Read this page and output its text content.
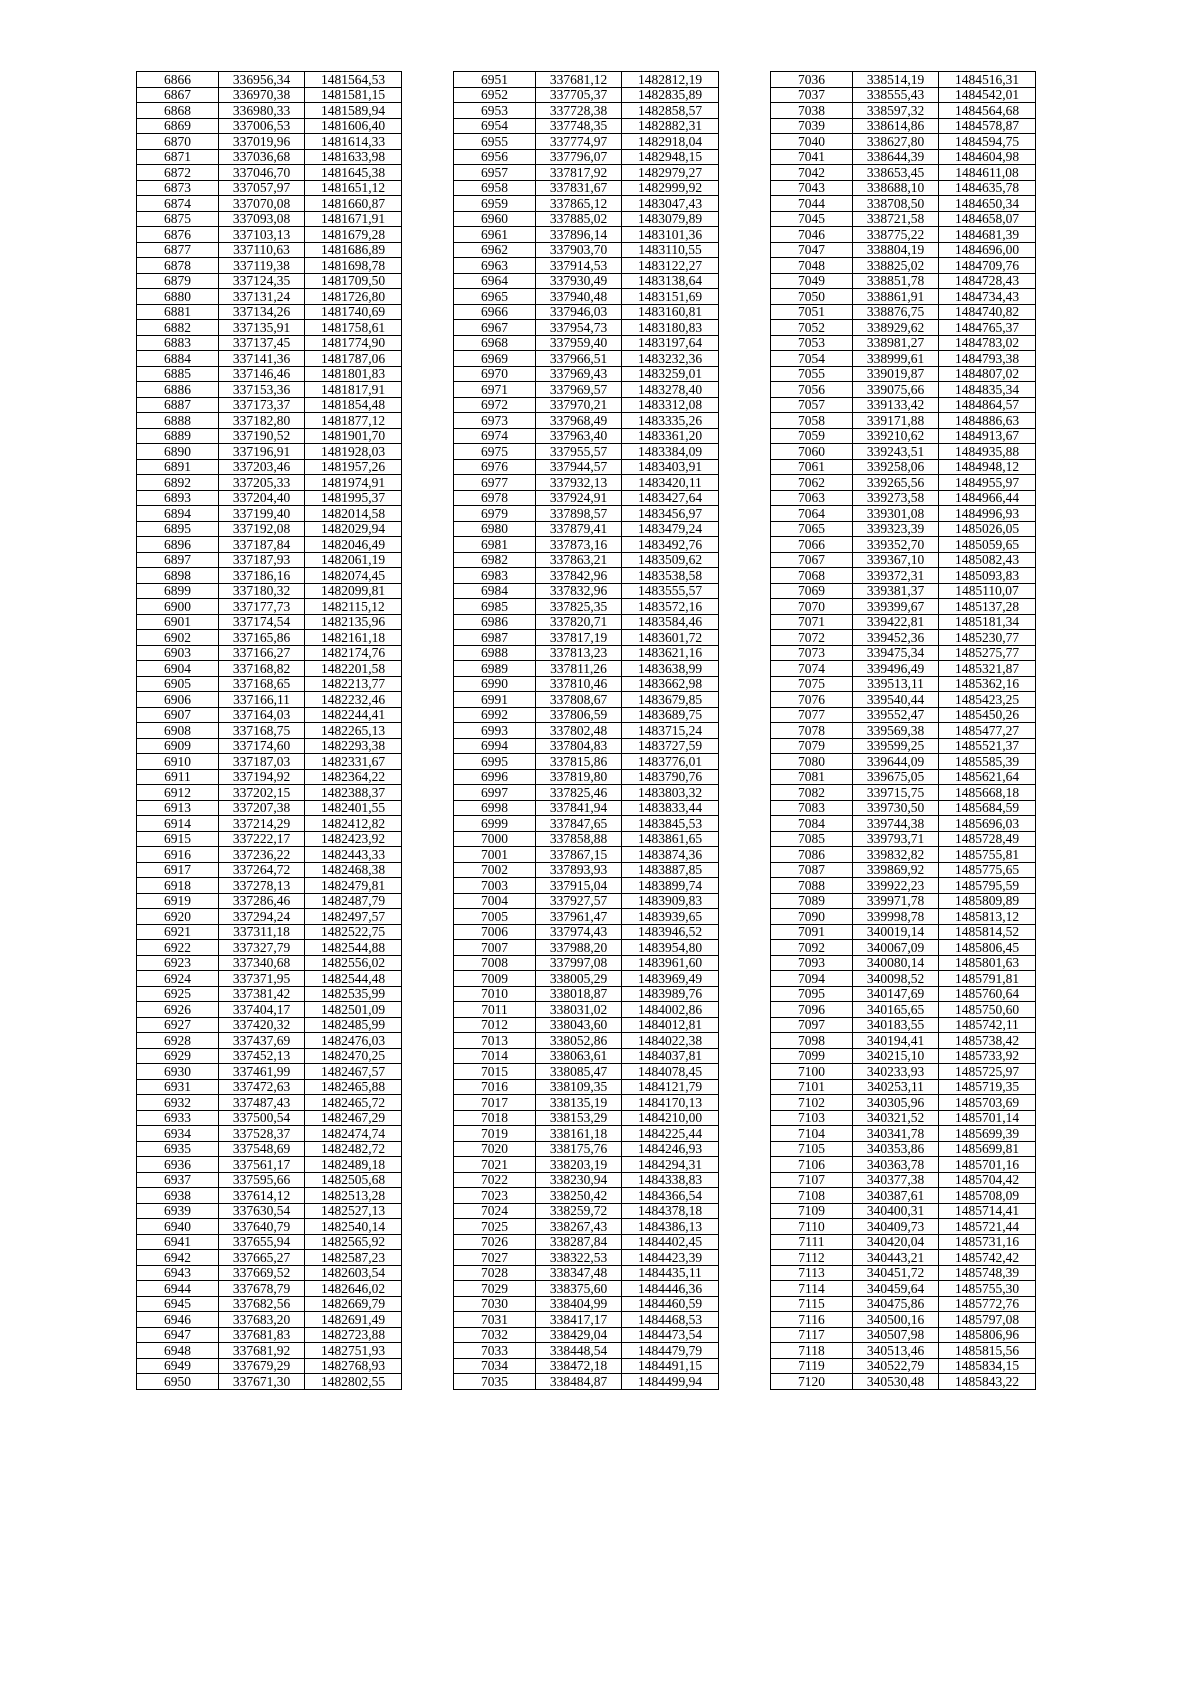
6866	336956,34	1481564,53
6867	336970,38	1481581,15
6868	336980,33	1481589,94
6869	337006,53	1481606,40
6870	337019,96	1481614,33
6871	337036,68	1481633,98
6872	337046,70	1481645,38
6873	337057,97	1481651,12
6874	337070,08	1481660,87
6875	337093,08	1481671,91
6876	337103,13	1481679,28
6877	337110,63	1481686,89
6878	337119,38	1481698,78
6879	337124,35	1481709,50
6880	337131,24	1481726,80
6881	337134,26	1481740,69
6882	337135,91	1481758,61
6883	337137,45	1481774,90
6884	337141,36	1481787,06
6885	337146,46	1481801,83
6886	337153,36	1481817,91
6887	337173,37	1481854,48
6888	337182,80	1481877,12
6889	337190,52	1481901,70
6890	337196,91	1481928,03
6891	337203,46	1481957,26
6892	337205,33	1481974,91
6893	337204,40	1481995,37
6894	337199,40	1482014,58
6895	337192,08	1482029,94
6896	337187,84	1482046,49
6897	337187,93	1482061,19
6898	337186,16	1482074,45
6899	337180,32	1482099,81
6900	337177,73	1482115,12
6901	337174,54	1482135,96
6902	337165,86	1482161,18
6903	337166,27	1482174,76
6904	337168,82	1482201,58
6905	337168,65	1482213,77
6906	337166,11	1482232,46
6907	337164,03	1482244,41
6908	337168,75	1482265,13
6909	337174,60	1482293,38
6910	337187,03	1482331,67
6911	337194,92	1482364,22
6912	337202,15	1482388,37
6913	337207,38	1482401,55
6914	337214,29	1482412,82
6915	337222,17	1482423,92
6916	337236,22	1482443,33
6917	337264,72	1482468,38
6918	337278,13	1482479,81
6919	337286,46	1482487,79
6920	337294,24	1482497,57
6921	337311,18	1482522,75
6922	337327,79	1482544,88
6923	337340,68	1482556,02
6924	337371,95	1482544,48
6925	337381,42	1482535,99
6926	337404,17	1482501,09
6927	337420,32	1482485,99
6928	337437,69	1482476,03
6929	337452,13	1482470,25
6930	337461,99	1482467,57
6931	337472,63	1482465,88
6932	337487,43	1482465,72
6933	337500,54	1482467,29
6934	337528,37	1482474,74
6935	337548,69	1482482,72
6936	337561,17	1482489,18
6937	337595,66	1482505,68
6938	337614,12	1482513,28
6939	337630,54	1482527,13
6940	337640,79	1482540,14
6941	337655,94	1482565,92
6942	337665,27	1482587,23
6943	337669,52	1482603,54
6944	337678,79	1482646,02
6945	337682,56	1482669,79
6946	337683,20	1482691,49
6947	337681,83	1482723,88
6948	337681,92	1482751,93
6949	337679,29	1482768,93
6950	337671,30	1482802,55
6951	337681,12	1482812,19
6952	337705,37	1482835,89
6953	337728,38	1482858,57
6954	337748,35	1482882,31
6955	337774,97	1482918,04
6956	337796,07	1482948,15
6957	337817,92	1482979,27
6958	337831,67	1482999,92
6959	337865,12	1483047,43
6960	337885,02	1483079,89
6961	337896,14	1483101,36
6962	337903,70	1483110,55
6963	337914,53	1483122,27
6964	337930,49	1483138,64
6965	337940,48	1483151,69
6966	337946,03	1483160,81
6967	337954,73	1483180,83
6968	337959,40	1483197,64
6969	337966,51	1483232,36
6970	337969,43	1483259,01
6971	337969,57	1483278,40
6972	337970,21	1483312,08
6973	337968,49	1483335,26
6974	337963,40	1483361,20
6975	337955,57	1483384,09
6976	337944,57	1483403,91
6977	337932,13	1483420,11
6978	337924,91	1483427,64
6979	337898,57	1483456,97
6980	337879,41	1483479,24
6981	337873,16	1483492,76
6982	337863,21	1483509,62
6983	337842,96	1483538,58
6984	337832,96	1483555,57
6985	337825,35	1483572,16
6986	337820,71	1483584,46
6987	337817,19	1483601,72
6988	337813,23	1483621,16
6989	337811,26	1483638,99
6990	337810,46	1483662,98
6991	337808,67	1483679,85
6992	337806,59	1483689,75
6993	337802,48	1483715,24
6994	337804,83	1483727,59
6995	337815,86	1483776,01
6996	337819,80	1483790,76
6997	337825,46	1483803,32
6998	337841,94	1483833,44
6999	337847,65	1483845,53
7000	337858,88	1483861,65
7001	337867,15	1483874,36
7002	337893,93	1483887,85
7003	337915,04	1483899,74
7004	337927,57	1483909,83
7005	337961,47	1483939,65
7006	337974,43	1483946,52
7007	337988,20	1483954,80
7008	337997,08	1483961,60
7009	338005,29	1483969,49
7010	338018,87	1483989,76
7011	338031,02	1484002,86
7012	338043,60	1484012,81
7013	338052,86	1484022,38
7014	338063,61	1484037,81
7015	338085,47	1484078,45
7016	338109,35	1484121,79
7017	338135,19	1484170,13
7018	338153,29	1484210,00
7019	338161,18	1484225,44
7020	338175,76	1484246,93
7021	338203,19	1484294,31
7022	338230,94	1484338,83
7023	338250,42	1484366,54
7024	338259,72	1484378,18
7025	338267,43	1484386,13
7026	338287,84	1484402,45
7027	338322,53	1484423,39
7028	338347,48	1484435,11
7029	338375,60	1484446,36
7030	338404,99	1484460,59
7031	338417,17	1484468,53
7032	338429,04	1484473,54
7033	338448,54	1484479,79
7034	338472,18	1484491,15
7035	338484,87	1484499,94
7036	338514,19	1484516,31
7037	338555,43	1484542,01
7038	338597,32	1484564,68
7039	338614,86	1484578,87
7040	338627,80	1484594,75
7041	338644,39	1484604,98
7042	338653,45	1484611,08
7043	338688,10	1484635,78
7044	338708,50	1484650,34
7045	338721,58	1484658,07
7046	338775,22	1484681,39
7047	338804,19	1484696,00
7048	338825,02	1484709,76
7049	338851,78	1484728,43
7050	338861,91	1484734,43
7051	338876,75	1484740,82
7052	338929,62	1484765,37
7053	338981,27	1484783,02
7054	338999,61	1484793,38
7055	339019,87	1484807,02
7056	339075,66	1484835,34
7057	339133,42	1484864,57
7058	339171,88	1484886,63
7059	339210,62	1484913,67
7060	339243,51	1484935,88
7061	339258,06	1484948,12
7062	339265,56	1484955,97
7063	339273,58	1484966,44
7064	339301,08	1484996,93
7065	339323,39	1485026,05
7066	339352,70	1485059,65
7067	339367,10	1485082,43
7068	339372,31	1485093,83
7069	339381,37	1485110,07
7070	339399,67	1485137,28
7071	339422,81	1485181,34
7072	339452,36	1485230,77
7073	339475,34	1485275,77
7074	339496,49	1485321,87
7075	339513,11	1485362,16
7076	339540,44	1485423,25
7077	339552,47	1485450,26
7078	339569,38	1485477,27
7079	339599,25	1485521,37
7080	339644,09	1485585,39
7081	339675,05	1485621,64
7082	339715,75	1485668,18
7083	339730,50	1485684,59
7084	339744,38	1485696,03
7085	339793,71	1485728,49
7086	339832,82	1485755,81
7087	339869,92	1485775,65
7088	339922,23	1485795,59
7089	339971,78	1485809,89
7090	339998,78	1485813,12
7091	340019,14	1485814,52
7092	340067,09	1485806,45
7093	340080,14	1485801,63
7094	340098,52	1485791,81
7095	340147,69	1485760,64
7096	340165,65	1485750,60
7097	340183,55	1485742,11
7098	340194,41	1485738,42
7099	340215,10	1485733,92
7100	340233,93	1485725,97
7101	340253,11	1485719,35
7102	340305,96	1485703,69
7103	340321,52	1485701,14
7104	340341,78	1485699,39
7105	340353,86	1485699,81
7106	340363,78	1485701,16
7107	340377,38	1485704,42
7108	340387,61	1485708,09
7109	340400,31	1485714,41
7110	340409,73	1485721,44
7111	340420,04	1485731,16
7112	340443,21	1485742,42
7113	340451,72	1485748,39
7114	340459,64	1485755,30
7115	340475,86	1485772,76
7116	340500,16	1485797,08
7117	340507,98	1485806,96
7118	340513,46	1485815,56
7119	340522,79	1485834,15
7120	340530,48	1485843,22
